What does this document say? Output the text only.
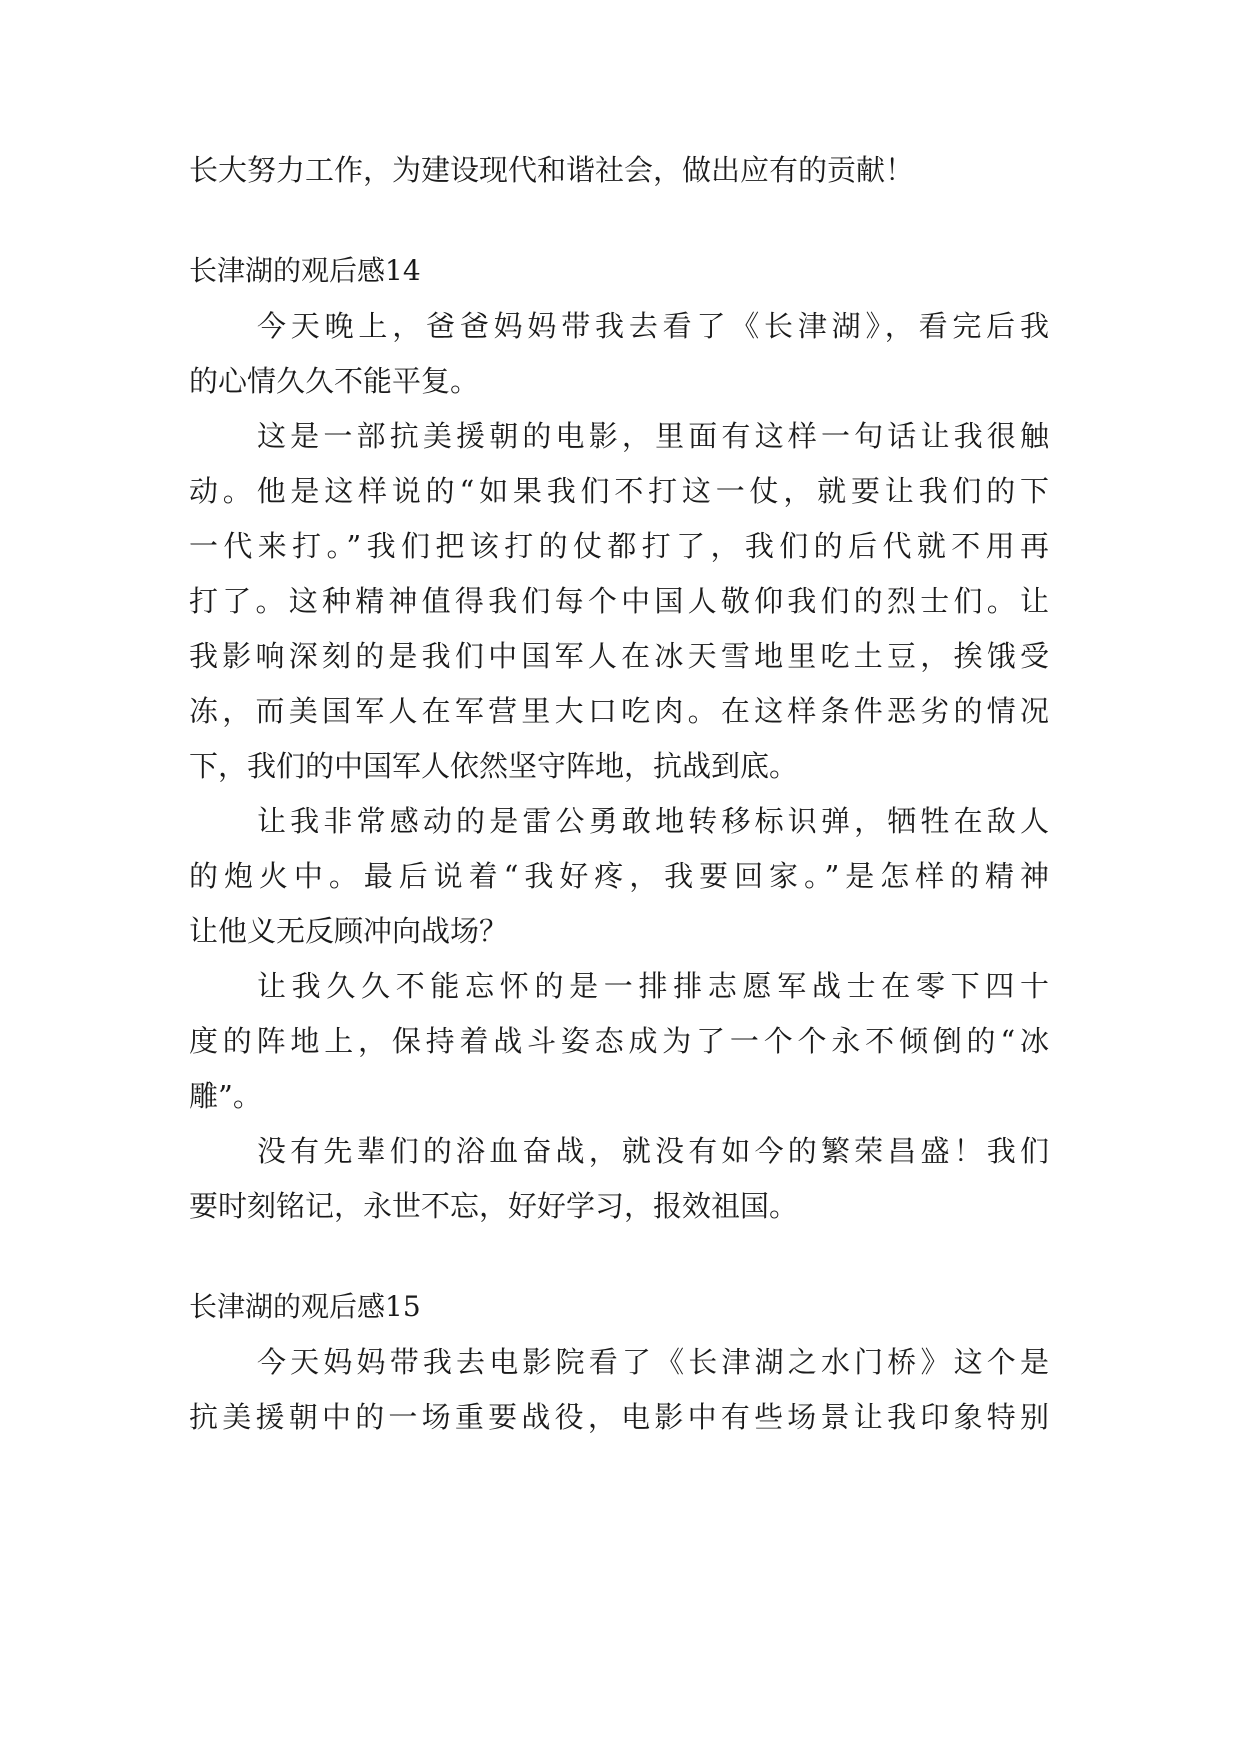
长大努力工作，为建设现代和谐社会，做出应有的贡献！
长津湖的观后感14
今天晚上，爸爸妈妈带我去看了《长津湖》，看完后我
的心情久久不能平复。
这是一部抗美援朝的电影，里面有这样一句话让我很触
动。他是这样说的“如果我们不打这一仗，就要让我们的下
一代来打。”我们把该打的仗都打了，我们的后代就不用再
打了。这种精神值得我们每个中国人敬仰我们的烈士们。让
我影响深刻的是我们中国军人在冰天雪地里吃土豆，挨饿受
冻，而美国军人在军营里大口吃肉。在这样条件恶劣的情况
下，我们的中国军人依然坚守阵地，抗战到底。
让我非常感动的是雷公勇敢地转移标识弹，牺牲在敌人
的炮火中。最后说着“我好疼，我要回家。”是怎样的精神
让他义无反顾冲向战场？
让我久久不能忘怀的是一排排志愿军战士在零下四十
度的阵地上，保持着战斗姿态成为了一个个永不倾倒的“冰
雕”。
没有先辈们的浴血奋战，就没有如今的繁荣昌盛！我们
要时刻铭记，永世不忘，好好学习，报效祖国。
长津湖的观后感15
今天妈妈带我去电影院看了《长津湖之水门桥》这个是
抗美援朝中的一场重要战役，电影中有些场景让我印象特别
